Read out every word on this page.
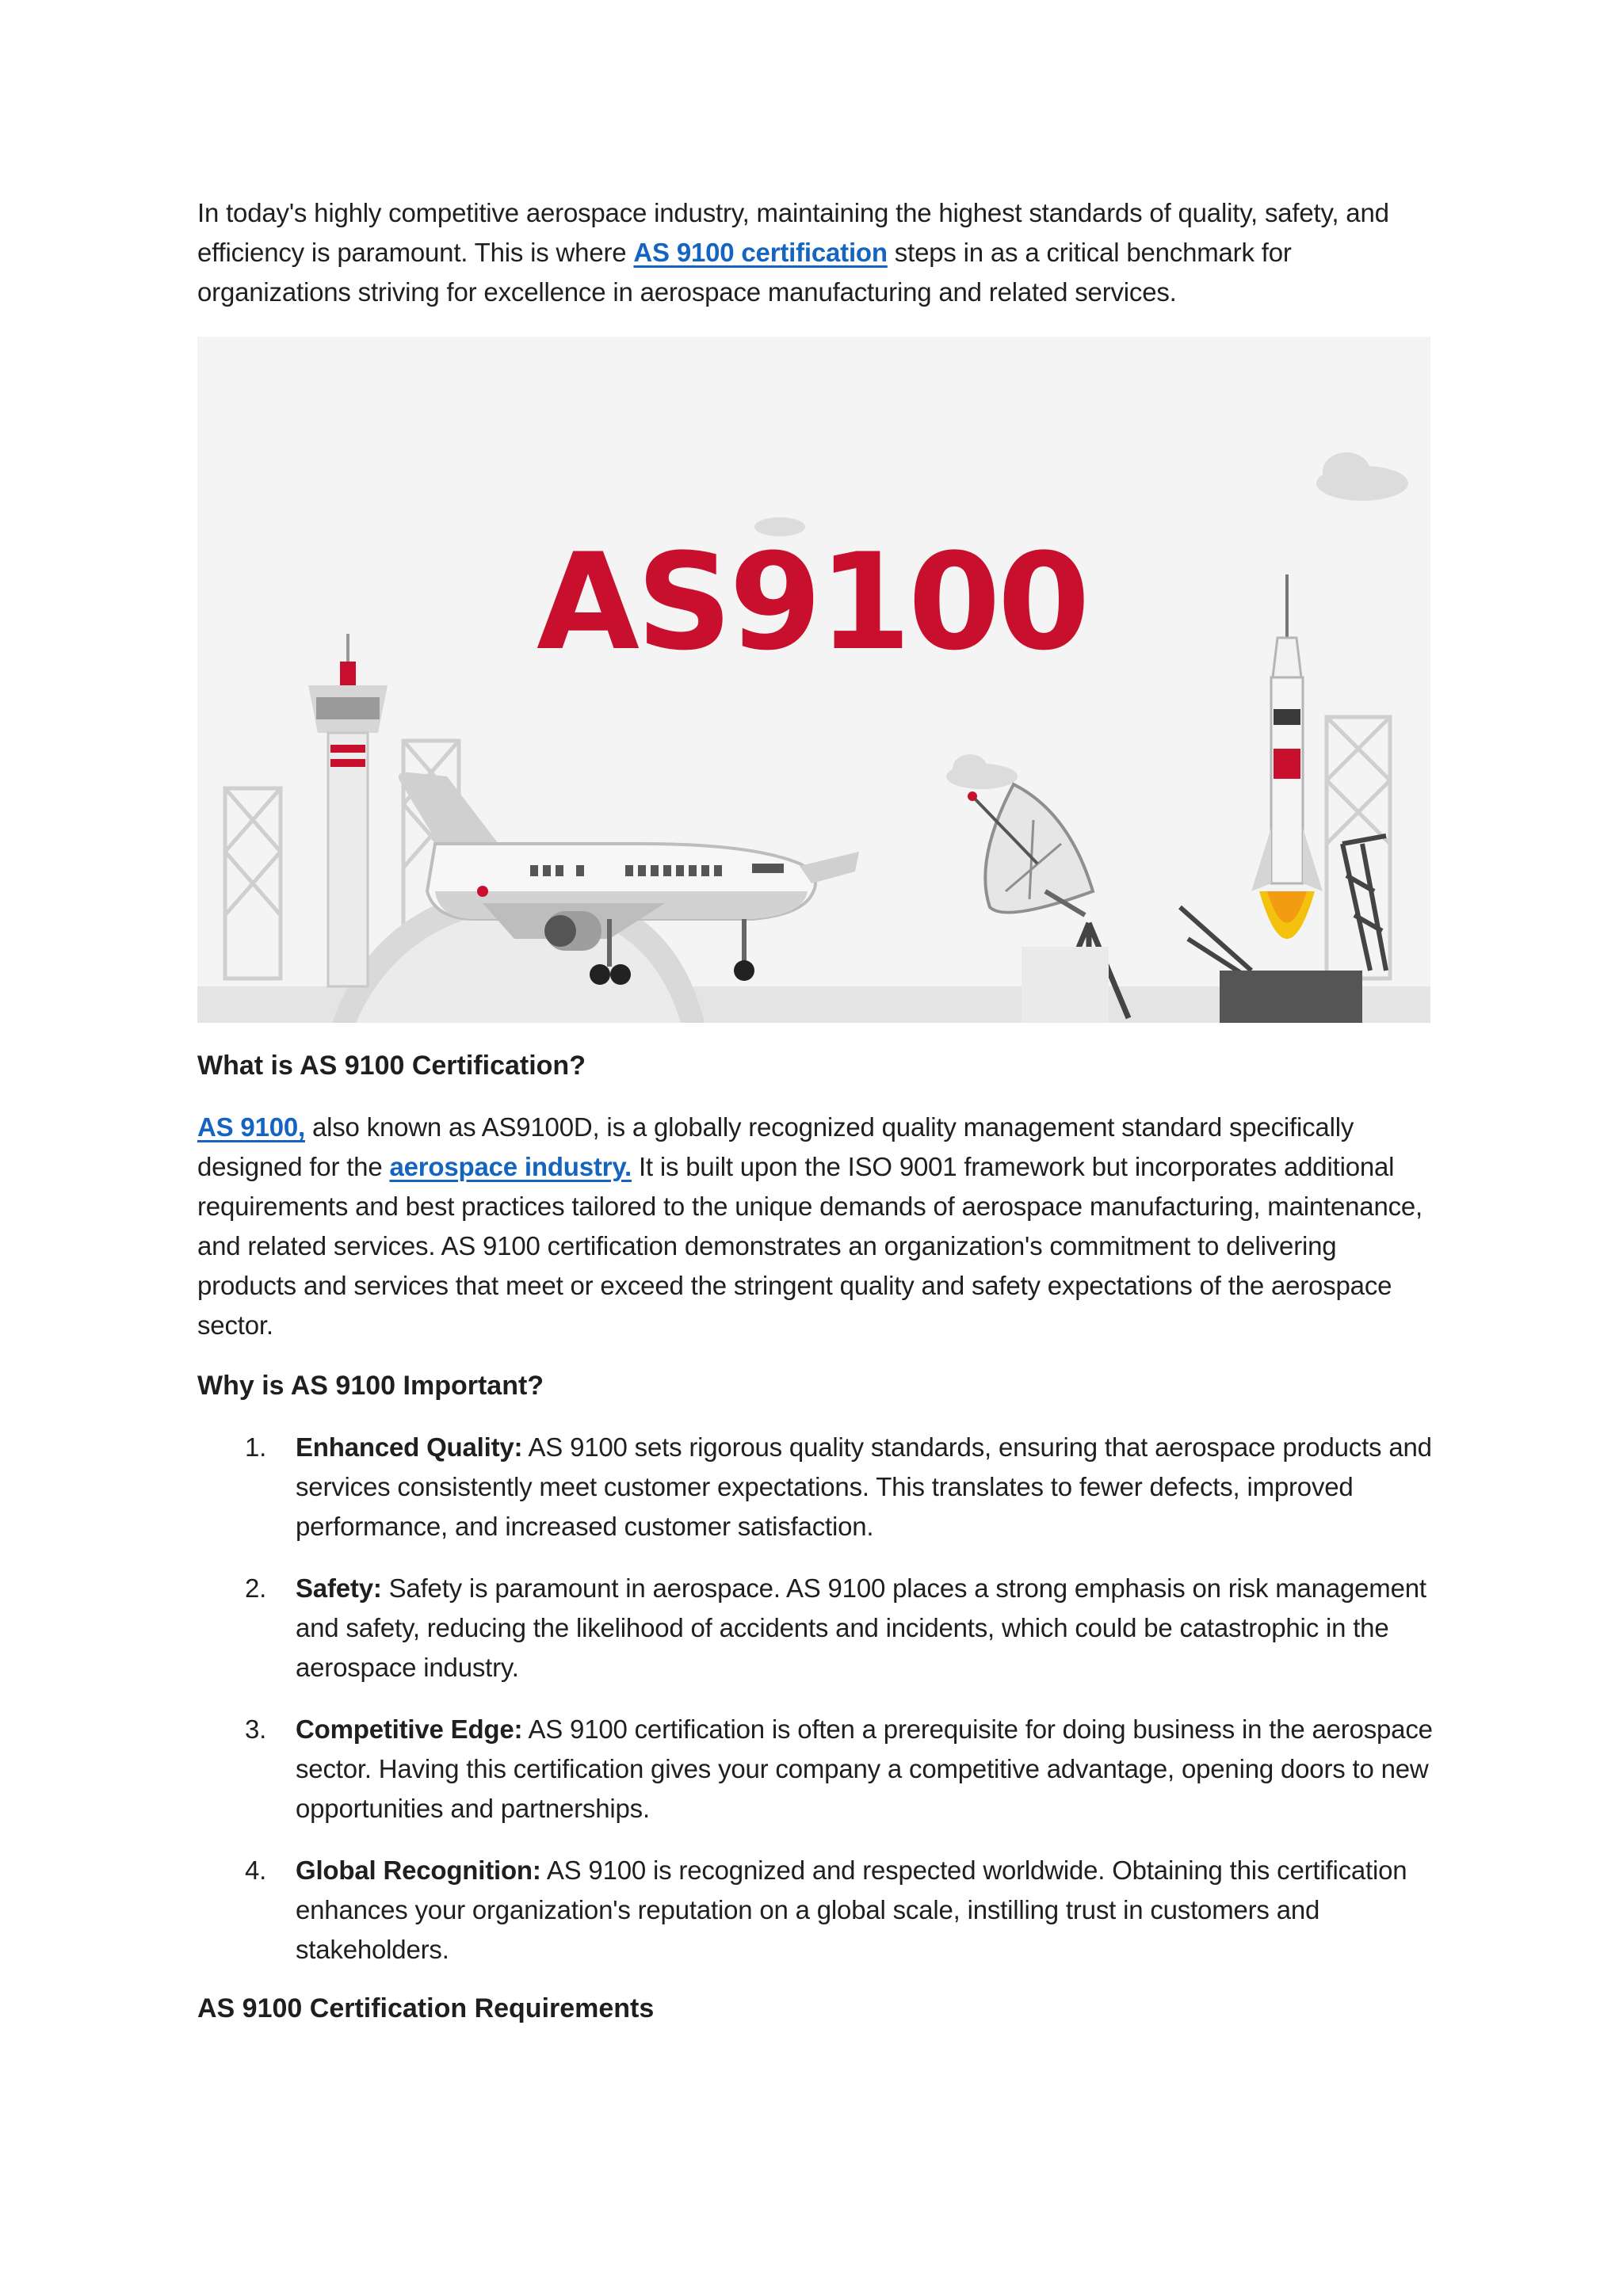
In today's highly competitive aerospace industry, maintaining the highest standards of quality, safety, and efficiency is paramount. This is where AS 9100 certification steps in as a critical benchmark for organizations striving for excellence in aerospace manufacturing and related services.

AS9100
What is AS 9100 Certification?

AS 9100, also known as AS9100D, is a globally recognized quality management standard specifically designed for the aerospace industry. It is built upon the ISO 9001 framework but incorporates additional requirements and best practices tailored to the unique demands of aerospace manufacturing, maintenance, and related services. AS 9100 certification demonstrates an organization's commitment to delivering products and services that meet or exceed the stringent quality and safety expectations of the aerospace sector.

Why is AS 9100 Important?
1. Enhanced Quality: AS 9100 sets rigorous quality standards, ensuring that aerospace products and services consistently meet customer expectations. This translates to fewer defects, improved performance, and increased customer satisfaction.
2. Safety: Safety is paramount in aerospace. AS 9100 places a strong emphasis on risk management and safety, reducing the likelihood of accidents and incidents, which could be catastrophic in the aerospace industry.
3. Competitive Edge: AS 9100 certification is often a prerequisite for doing business in the aerospace sector. Having this certification gives your company a competitive advantage, opening doors to new opportunities and partnerships.
4. Global Recognition: AS 9100 is recognized and respected worldwide. Obtaining this certification enhances your organization's reputation on a global scale, instilling trust in customers and stakeholders.
AS 9100 Certification Requirements
